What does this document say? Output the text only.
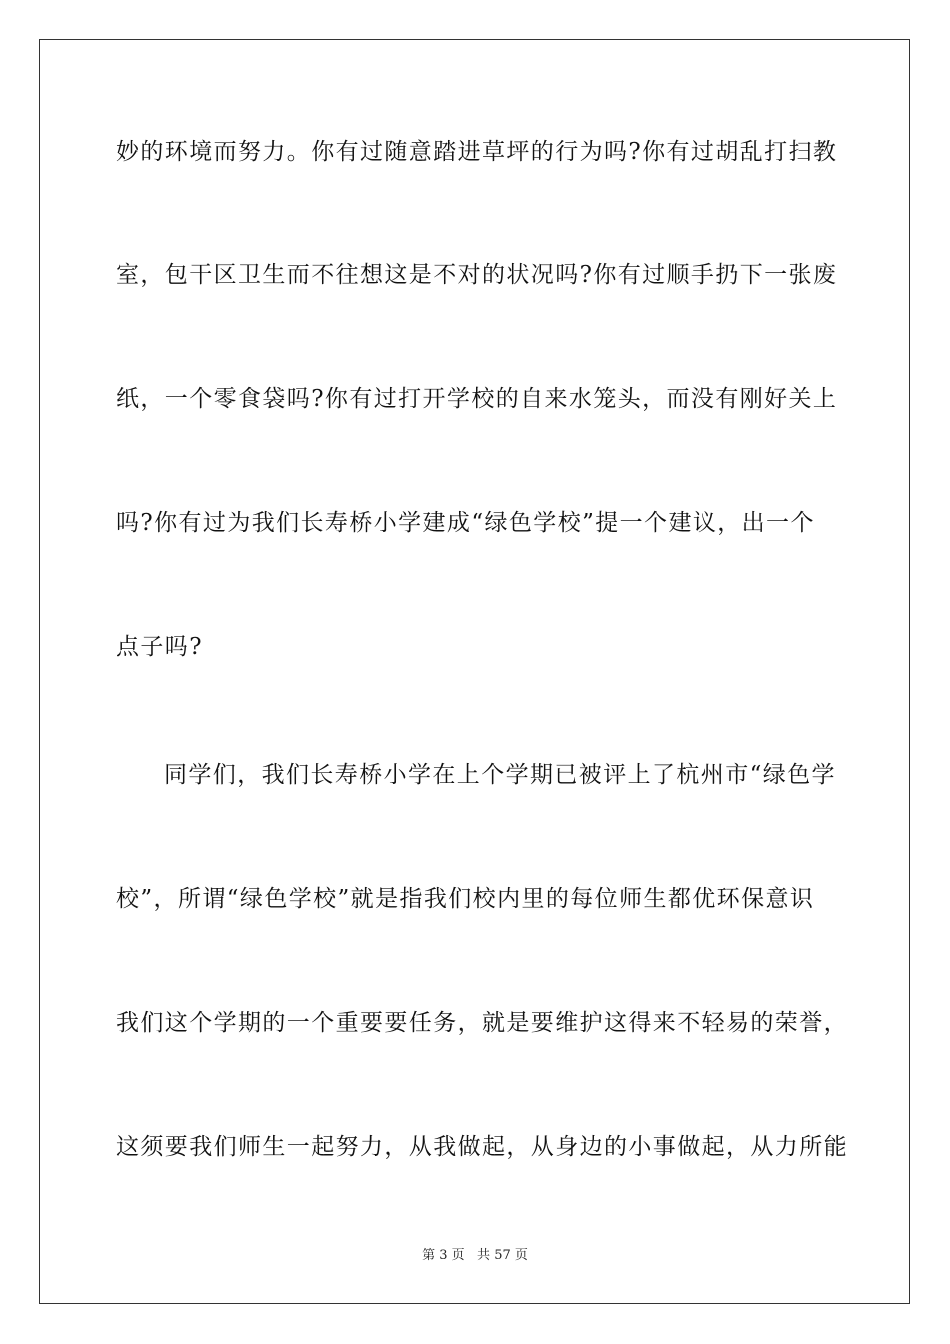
妙的环境而努力。你有过随意踏进草坪的行为吗?你有过胡乱打扫教
室，包干区卫生而不往想这是不对的状况吗?你有过顺手扔下一张废
纸，一个零食袋吗?你有过打开学校的自来水笼头，而没有刚好关上
吗?你有过为我们长寿桥小学建成“绿色学校”提一个建议，出一个
点子吗?
同学们，我们长寿桥小学在上个学期已被评上了杭州市“绿色学
校”，所谓“绿色学校”就是指我们校内里的每位师生都优环保意识
我们这个学期的一个重要要任务，就是要维护这得来不轻易的荣誉，
这须要我们师生一起努力，从我做起，从身边的小事做起，从力所能
第 3 页   共 57 页
